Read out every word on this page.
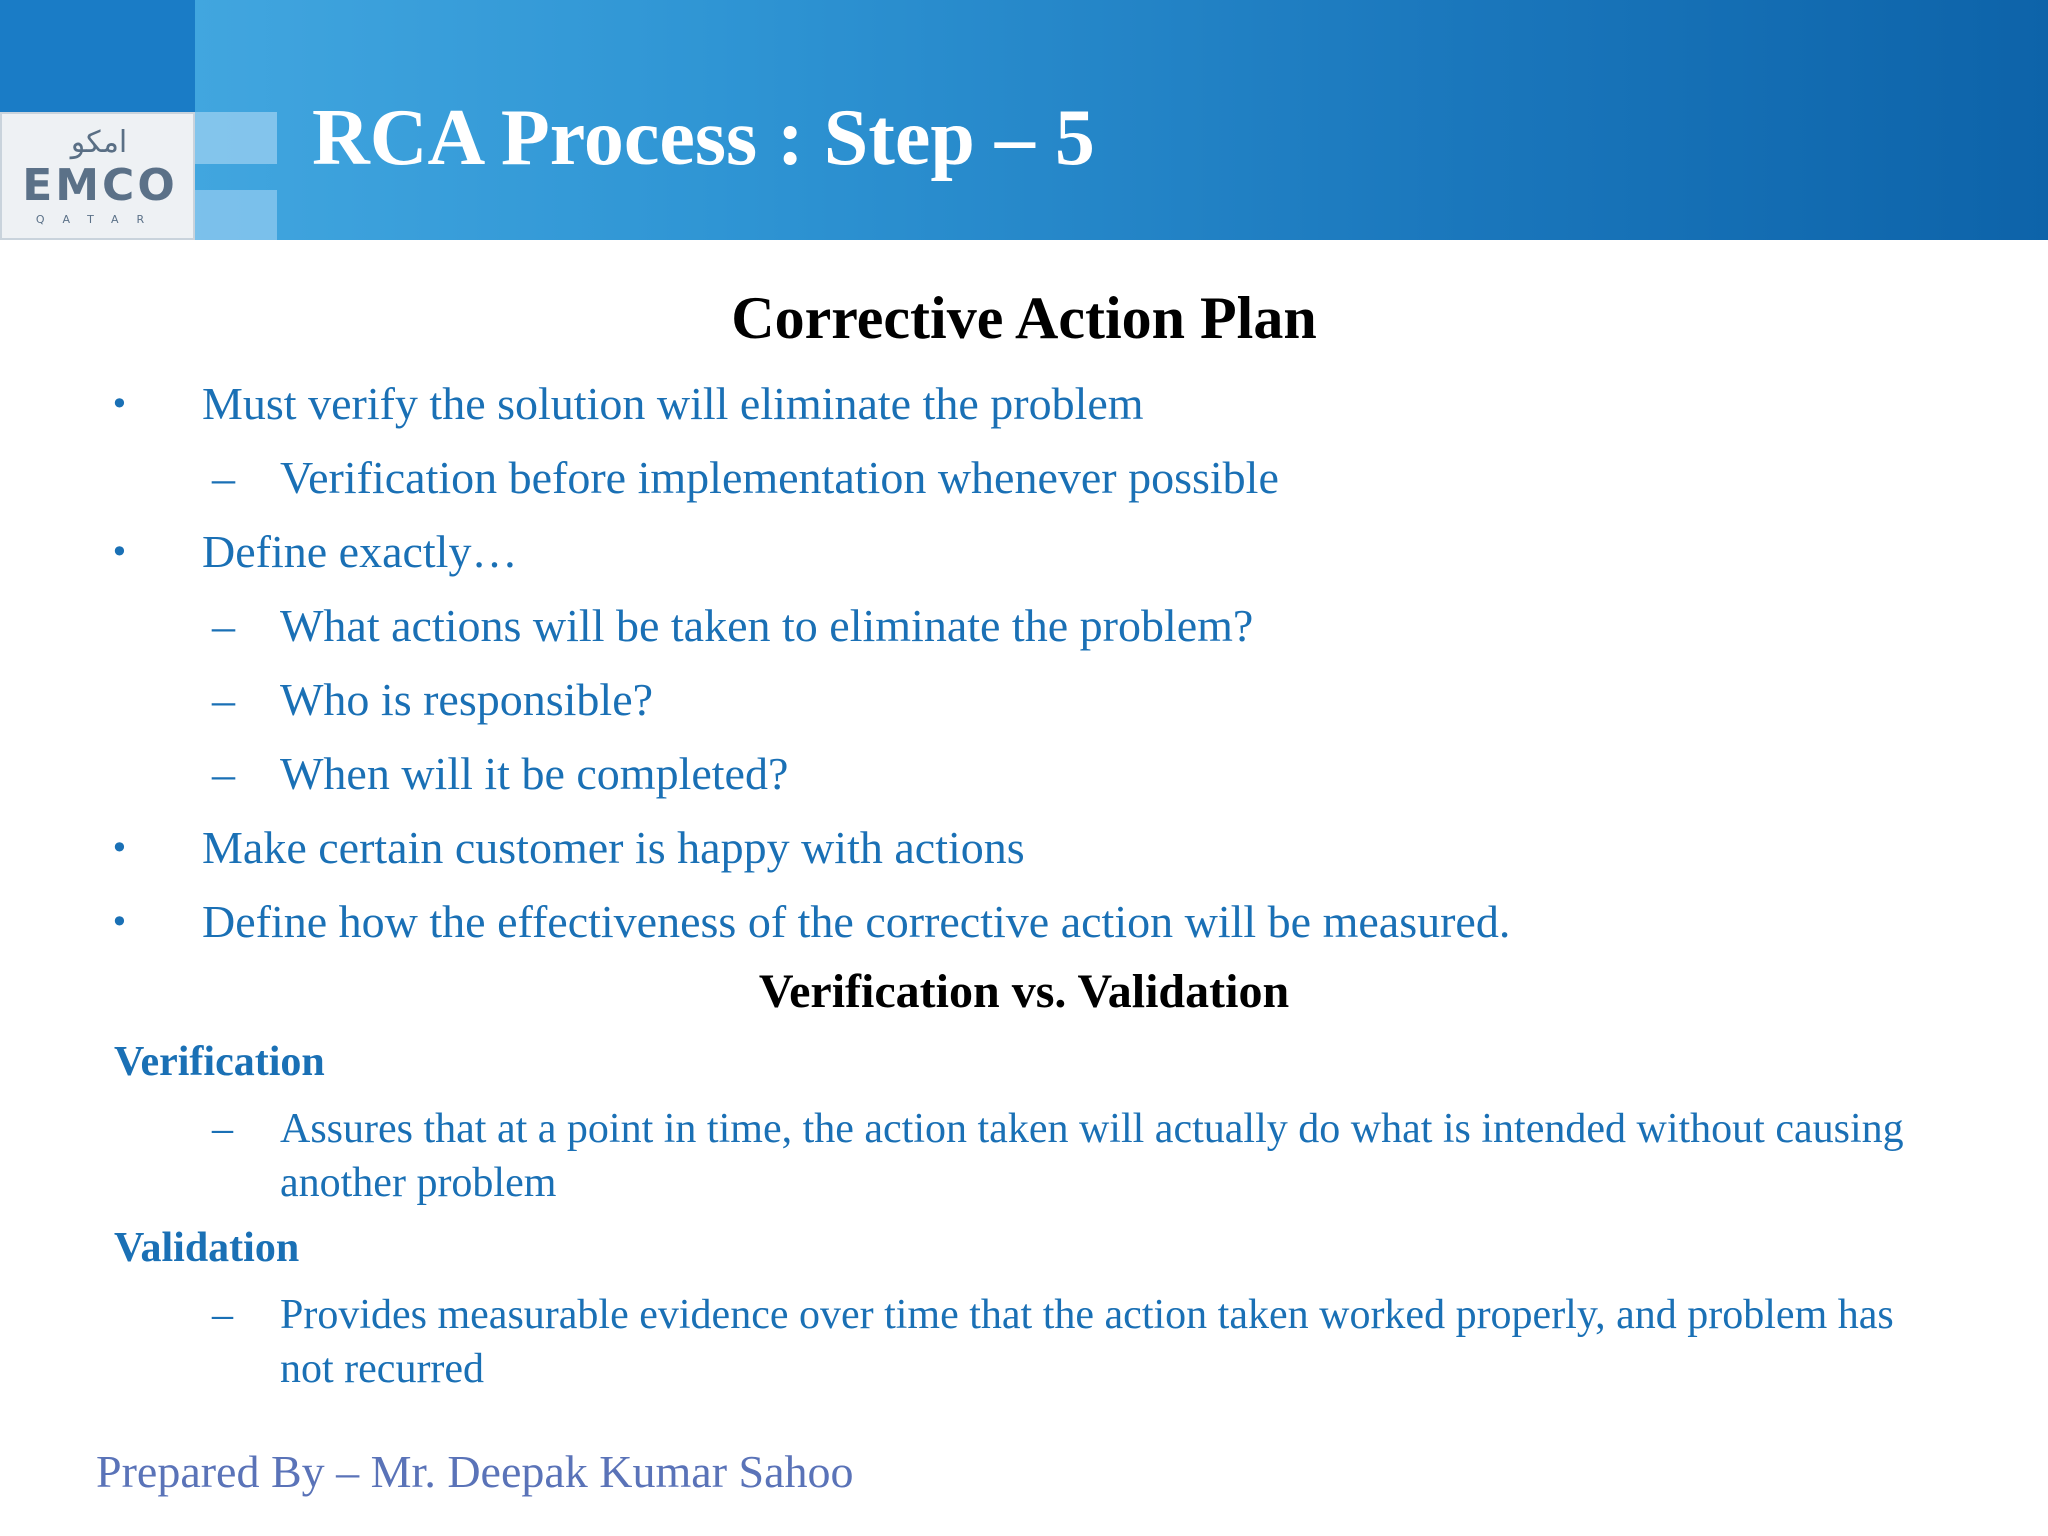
امكو
EMCO
QATAR
RCA Process : Step – 5
Corrective Action Plan
• Must verify the solution will eliminate the problem
– Verification before implementation whenever possible
• Define exactly…
– What actions will be taken to eliminate the problem?
– Who is responsible?
– When will it be completed?
• Make certain customer is happy with actions
• Define how the effectiveness of the corrective action will be measured.
Verification vs. Validation
Verification
– Assures that at a point in time, the action taken will actually do what is intended without causing another problem
Validation
– Provides measurable evidence over time that the action taken worked properly, and problem has not recurred
Prepared By – Mr. Deepak Kumar Sahoo
